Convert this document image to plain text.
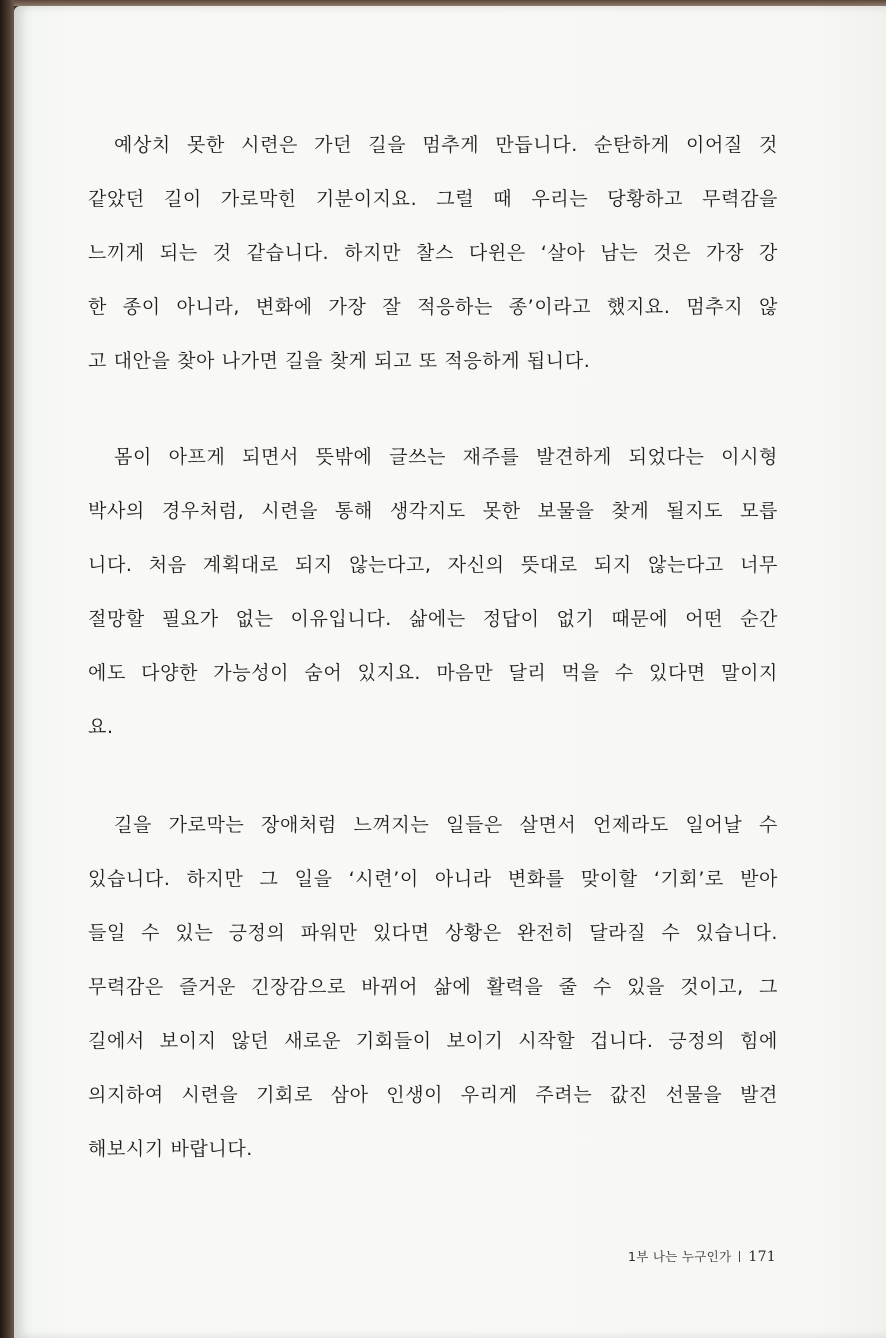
예상치 못한 시련은 가던 길을 멈추게 만듭니다. 순탄하게 이어질 것
같았던 길이 가로막힌 기분이지요. 그럴 때 우리는 당황하고 무력감을
느끼게 되는 것 같습니다. 하지만 찰스 다윈은 ‘살아 남는 것은 가장 강
한 종이 아니라, 변화에 가장 잘 적응하는 종’이라고 했지요. 멈추지 않
고 대안을 찾아 나가면 길을 찾게 되고 또 적응하게 됩니다.
몸이 아프게 되면서 뜻밖에 글쓰는 재주를 발견하게 되었다는 이시형
박사의 경우처럼, 시련을 통해 생각지도 못한 보물을 찾게 될지도 모릅
니다. 처음 계획대로 되지 않는다고, 자신의 뜻대로 되지 않는다고 너무
절망할 필요가 없는 이유입니다. 삶에는 정답이 없기 때문에 어떤 순간
에도 다양한 가능성이 숨어 있지요. 마음만 달리 먹을 수 있다면 말이지
요.
길을 가로막는 장애처럼 느껴지는 일들은 살면서 언제라도 일어날 수
있습니다. 하지만 그 일을 ‘시련’이 아니라 변화를 맞이할 ‘기회’로 받아
들일 수 있는 긍정의 파워만 있다면 상황은 완전히 달라질 수 있습니다.
무력감은 즐거운 긴장감으로 바뀌어 삶에 활력을 줄 수 있을 것이고, 그
길에서 보이지 않던 새로운 기회들이 보이기 시작할 겁니다. 긍정의 힘에
의지하여 시련을 기회로 삼아 인생이 우리게 주려는 값진 선물을 발견
해보시기 바랍니다.
1부 나는 누구인가 171
